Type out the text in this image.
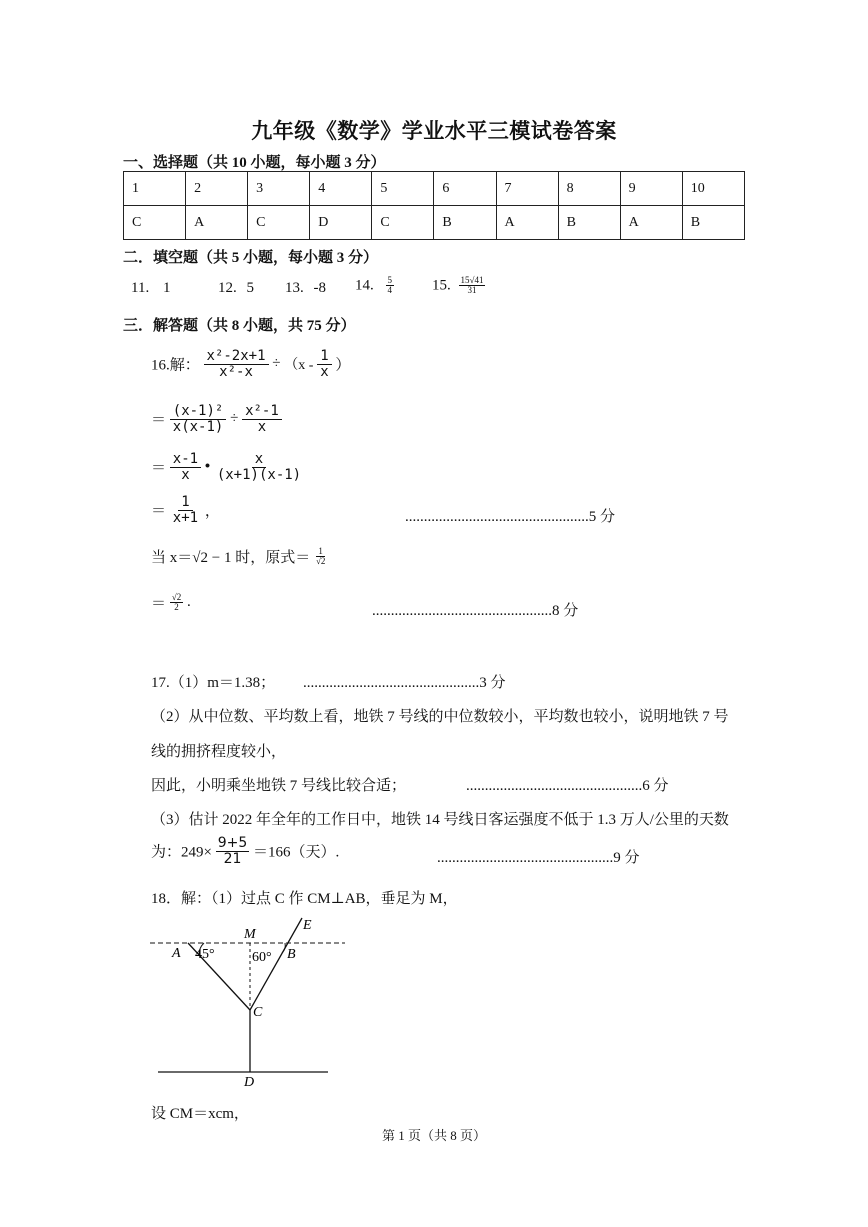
九年级《数学》学业水平三模试卷答案
一、选择题（共 10 小题，每小题 3 分）
1	2	3	4	5	6	7	8	9	10
C	A	C	D	C	B	A	B	A	B
二．填空题（共 5 小题，每小题 3 分）
11. 1	12. 5 13. -8 14. $\frac{5}{4}$	15. $\frac{15√41}{31}$
三．解答题（共 8 小题，共 75 分）
16.解： $\frac{\text{x²-2x+1}}{\text{x²-x}} \div (x - \frac{1}{x}$ ）
＝ $\frac{\text{(x-1)²}}{x(x-1)} \div \frac{\text{x²-1}}{x}$
＝ $\frac{x-1}{x}$ • $\frac{x}{(x+1)(x-1)}$
＝ $\frac{1}{x+1}$ ，	.................................................5 分
当 x＝√2 − 1 时，原式＝ $\frac{1}{√2}$
＝ $\frac{√2}{2}$ .
................................................8 分
17.（1）m＝1.38； ...............................................3 分
（2）从中位数、平均数上看，地铁 7 号线的中位数较小，平均数也较小，说明地铁 7 号
线的拥挤程度较小，
因此，小明乘坐地铁 7 号线比较合适；	...............................................6 分
（3）估计 2022 年全年的工作日中，地铁 14 号线日客运强度不低于 1.3 万人/公里的天数
为：$249\times \frac{9+5}{21} =166$（天）.	...............................................9 分
18．解：（1）过点 C 作 CM⊥AB，垂足为 M，
A	B
C
D
E
M
45°	60°
设 CM＝xcm，
第 1 页（共 8 页）
